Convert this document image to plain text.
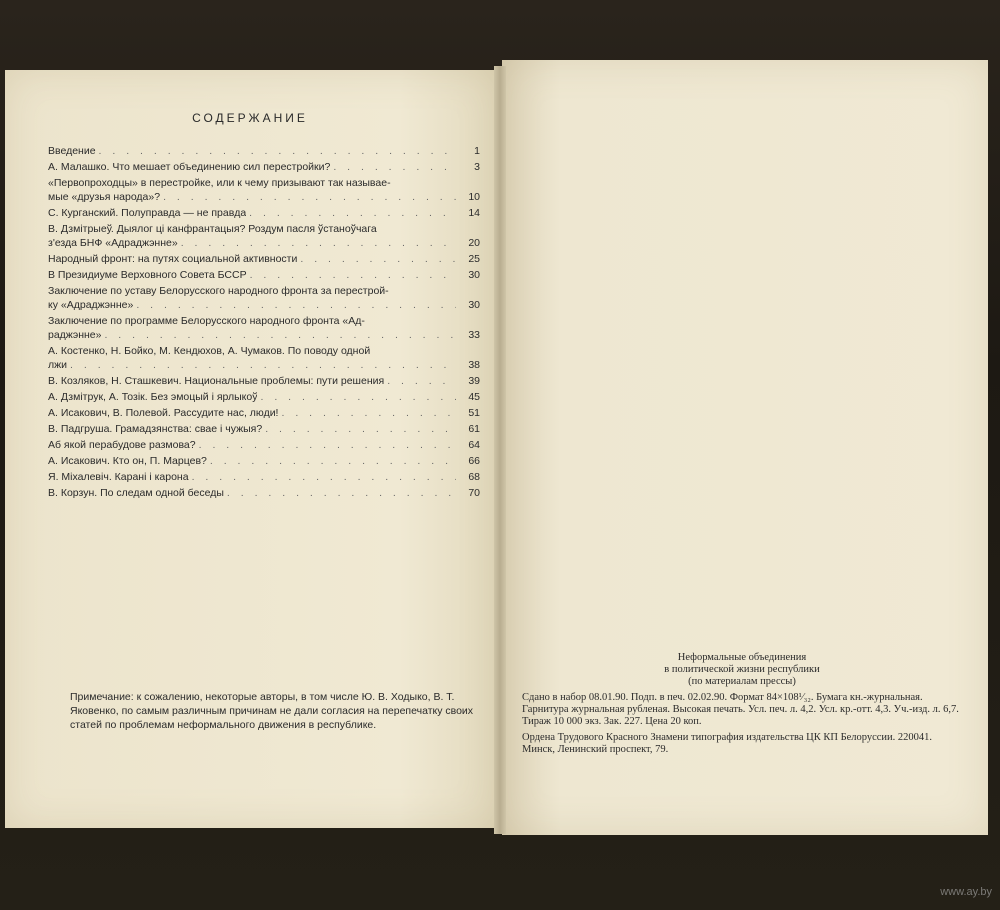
СОДЕРЖАНИЕ
Введение . . .	1
А. Малашко. Что мешает объединению сил перестройки? . . .	3
«Первопроходцы» в перестройке, или к чему призывают так называе-
мые «друзья народа»? . . .	10
С. Курганский. Полуправда — не правда . . .	14
В. Дзмітрыеў. Дыялог ці канфрантацыя? Роздум пасля ўстаноўчага
з'езда БНФ «Адраджэнне» . . .	20
Народный фронт: на путях социальной активности . . .	25
В Президиуме Верховного Совета БССР . . .	30
Заключение по уставу Белорусского народного фронта за перестрой-
ку «Адраджэнне» . . .	30
Заключение по программе Белорусского народного фронта «Ад-
раджэнне» . . .	33
А. Костенко, Н. Бойко, М. Кендюхов, А. Чумаков. По поводу одной
лжи . . .	38
В. Козляков, Н. Сташкевич. Национальные проблемы: пути решения . . .	39
А. Дзмітрук, А. Тозік. Без эмоцый і ярлыкоў . . .	45
А. Исакович, В. Полевой. Рассудите нас, люди! . . .	51
В. Падгруша. Грамадзянства: свае і чужыя? . . .	61
Аб якой перабудове размова? . . .	64
А. Исакович. Кто он, П. Марцев? . . .	66
Я. Міхалевіч. Карані і карона . . .	68
В. Корзун. По следам одной беседы . . .	70
Примечание: к сожалению, некоторые авторы, в том числе Ю. В. Ходыко, В. Т. Яковенко, по самым различным причинам не дали согласия на перепечатку своих статей по проблемам неформального движения в республике.
Неформальные объединения
в политической жизни республики
(по материалам прессы)
Сдано в набор 08.01.90. Подп. в печ. 02.02.90. Формат 84×108¹⁄₃₂. Бумага кн.-журнальная. Гарнитура журнальная рублeная. Высокая печать. Усл. печ. л. 4,2. Усл. кр.-отт. 4,3. Уч.-изд. л. 6,7. Тираж 10 000 экз. Зак. 227. Цена 20 коп.
Ордена Трудового Красного Знамени типография издательства ЦК КП Белоруссии. 220041. Минск, Ленинский проспект, 79.
www.ay.by
